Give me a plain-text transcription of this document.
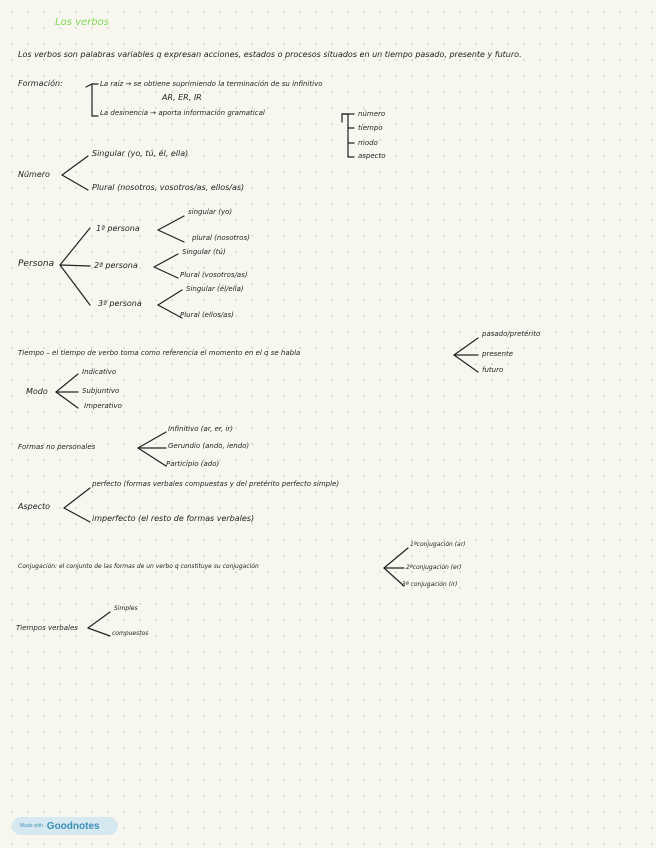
Los verbos
Los verbos son palabras variables q expresan acciones, estados o procesos situados en un tiempo pasado, presente y futuro.
Formación:	La raíz → se obtiene suprimiendo la terminación de su infinitivo
AR, ER, IR
La desinencia → aporta información gramatical	número
tiempo
modo
aspecto
Número
Singular (yo, tú, él, ella)
Plural (nosotros, vosotros/as, ellos/as)
Persona
1ª persona
singular (yo)
plural (nosotros)
2ª persona
Singular (tú)
Plural (vosotros/as)
3ª persona
Singular (él/ella)
Plural (ellos/as)
Tiempo – el tiempo de verbo toma como referencia el momento en el q se habla
pasado/pretérito
presente
futuro
Modo
Indicativo
Subjuntivo
Imperativo
Formas no personales
Infinitivo (ar, er, ir)
Gerundio (ando, iendo)
Participio (ado)
Aspecto
perfecto (formas verbales compuestas y del pretérito perfecto simple)
imperfecto (el resto de formas verbales)
Conjugación: el conjunto de las formas de un verbo q constituye su conjugación
1ªconjugación (ar)
2ªconjugación (er)
3ª conjugación (ir)
Tiempos verbales
Simples
compuestos
Made with Goodnotes
